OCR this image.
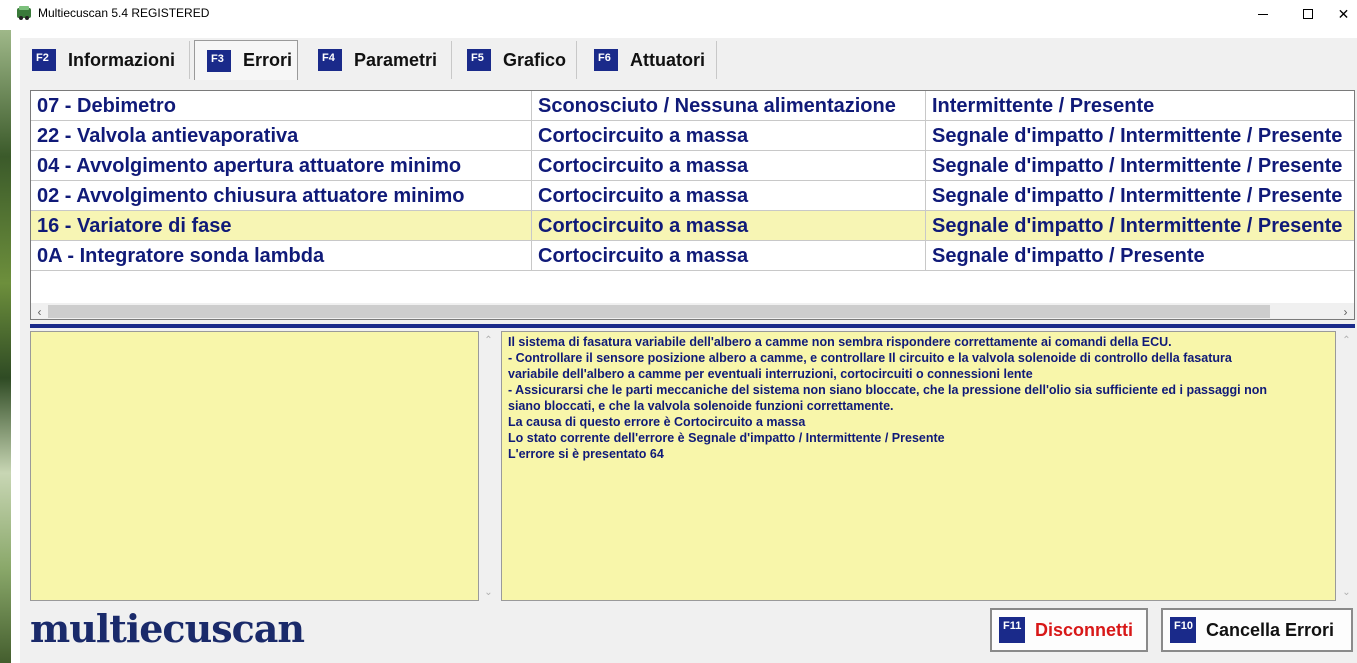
Multiecuscan 5.4 REGISTERED	✕
F2	Informazioni	F3	Errori	F4	Parametri	F5	Grafico	F6	Attuatori
07 - Debimetro	Sconosciuto / Nessuna alimentazione	Intermittente / Presente
22 - Valvola antievaporativa	Cortocircuito a massa	Segnale d'impatto / Intermittente / Presente
04 - Avvolgimento apertura attuatore minimo	Cortocircuito a massa	Segnale d'impatto / Intermittente / Presente
02 - Avvolgimento chiusura attuatore minimo	Cortocircuito a massa	Segnale d'impatto / Intermittente / Presente
16 - Variatore di fase	Cortocircuito a massa	Segnale d'impatto / Intermittente / Presente
0A - Integratore sonda lambda	Cortocircuito a massa	Segnale d'impatto / Presente
‹	›
⌃
⌄
Il sistema di fasatura variabile dell'albero a camme non sembra rispondere correttamente ai comandi della ECU.
- Controllare il sensore posizione albero a camme, e controllare Il circuito e la valvola solenoide di controllo della fasatura
variabile dell'albero a camme per eventuali interruzioni, cortocircuiti o connessioni lente
- Assicurarsi che le parti meccaniche del sistema non siano bloccate, che la pressione dell'olio sia sufficiente ed i passaggi non
siano bloccati, e che la valvola solenoide funzioni correttamente.
La causa di questo errore è Cortocircuito a massa
Lo stato corrente dell'errore è Segnale d'impatto / Intermittente / Presente
L'errore si è presentato 64
⌃
⌄
multiecuscan	F11 Disconnetti	F10 Cancella Errori
